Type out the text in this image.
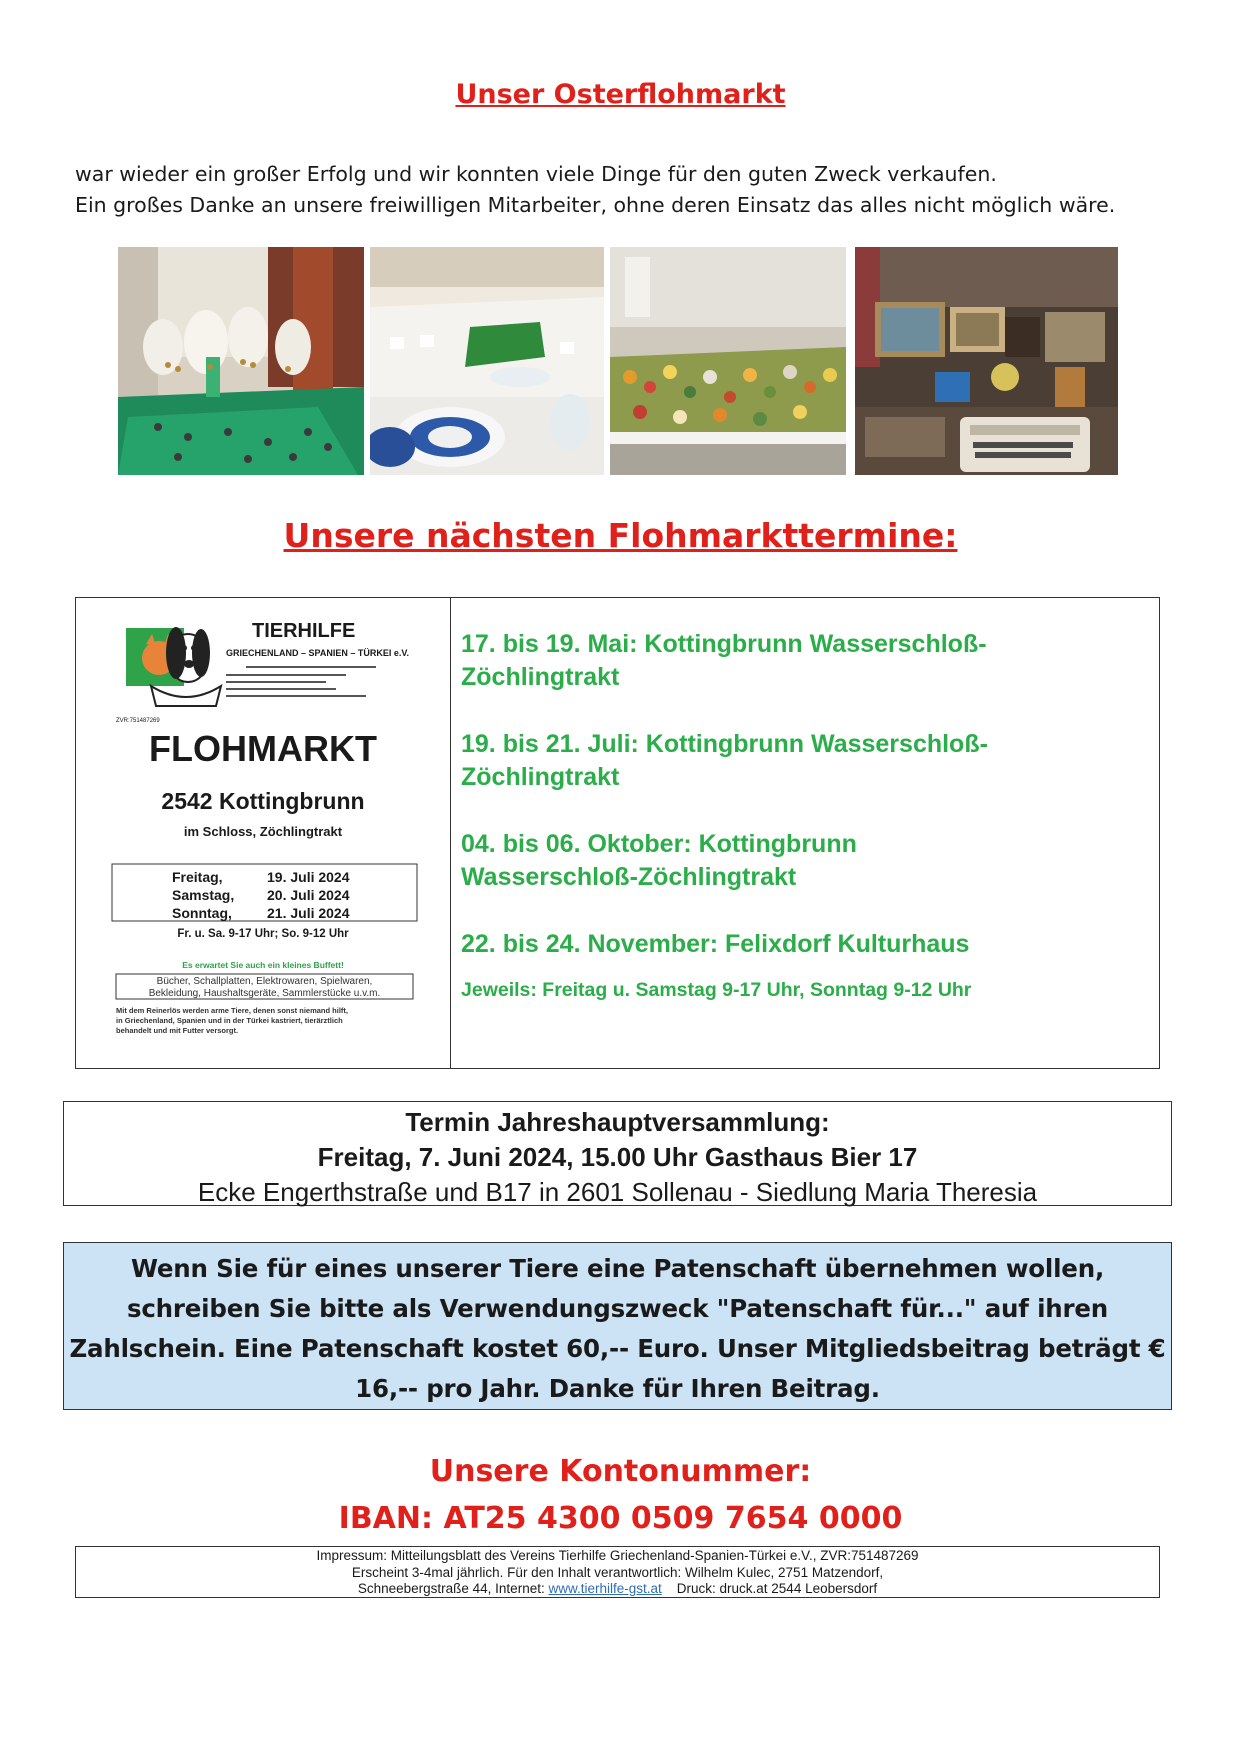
Unser Osterflohmarkt
war wieder ein großer Erfolg und wir konnten viele Dinge für den guten Zweck verkaufen.
Ein großes Danke an unsere freiwilligen Mitarbeiter, ohne deren Einsatz das alles nicht möglich wäre.
Unsere nächsten Flohmarkttermine:
TIERHILFE
GRIECHENLAND – SPANIEN – TÜRKEI e.V.
ZVR:751487269
FLOHMARKT
2542 Kottingbrunn
im Schloss, Zöchlingtrakt
Freitag,	19. Juli 2024
Samstag, 20. Juli 2024
Sonntag,	21. Juli 2024
Fr. u. Sa. 9-17 Uhr; So. 9-12 Uhr
Es erwartet Sie auch ein kleines Buffett!
Bücher, Schallplatten, Elektrowaren, Spielwaren,
Bekleidung, Haushaltsgeräte, Sammlerstücke u.v.m.
Mit dem Reinerlös werden arme Tiere, denen sonst niemand hilft,
in Griechenland, Spanien und in der Türkei kastriert, tierärztlich
behandelt und mit Futter versorgt.
17. bis 19. Mai: Kottingbrunn Wasserschloß-
Zöchlingtrakt
19. bis 21. Juli: Kottingbrunn Wasserschloß-
Zöchlingtrakt
04. bis 06. Oktober: Kottingbrunn
Wasserschloß-Zöchlingtrakt
22. bis 24. November: Felixdorf Kulturhaus
Jeweils: Freitag u. Samstag 9-17 Uhr, Sonntag 9-12 Uhr
Termin Jahreshauptversammlung:
Freitag, 7. Juni 2024, 15.00 Uhr Gasthaus Bier 17
Ecke Engerthstraße und B17 in 2601 Sollenau - Siedlung Maria Theresia
Wenn Sie für eines unserer Tiere eine Patenschaft übernehmen wollen,
schreiben Sie bitte als Verwendungszweck "Patenschaft für..." auf ihren
Zahlschein. Eine Patenschaft kostet 60,-- Euro. Unser Mitgliedsbeitrag beträgt €
16,-- pro Jahr. Danke für Ihren Beitrag.
Unsere Kontonummer:
IBAN: AT25 4300 0509 7654 0000
Impressum: Mitteilungsblatt des Vereins Tierhilfe Griechenland-Spanien-Türkei e.V., ZVR:751487269
Erscheint 3-4mal jährlich. Für den Inhalt verantwortlich: Wilhelm Kulec, 2751 Matzendorf,
Schneebergstraße 44, Internet: www.tierhilfe-gst.at    Druck: druck.at 2544 Leobersdorf
